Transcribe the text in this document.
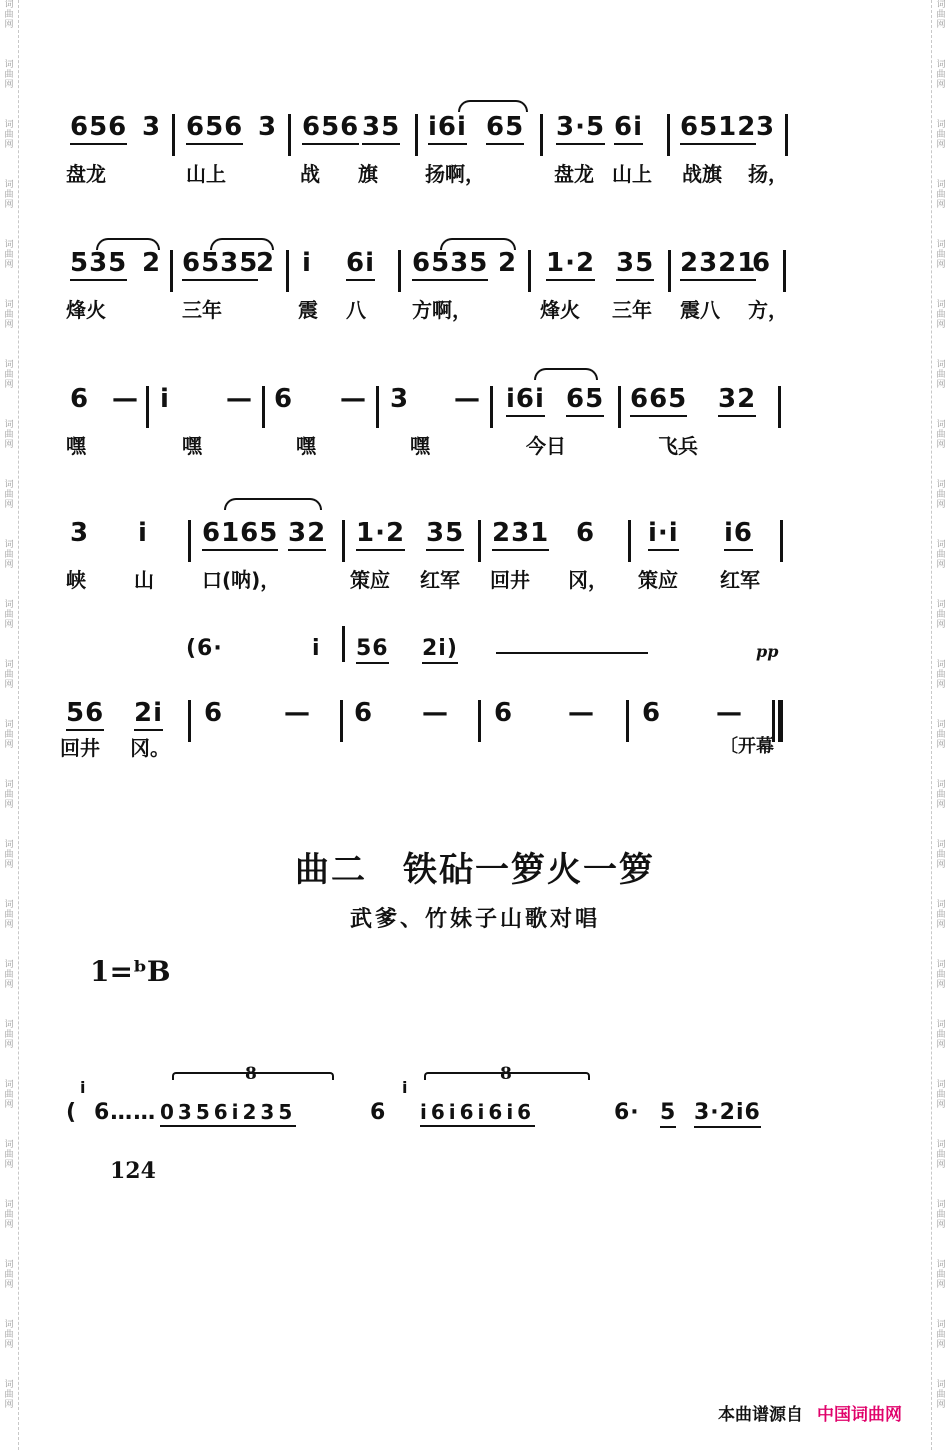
词曲网
词曲网
词曲网
词曲网
词曲网
词曲网
词曲网
词曲网
词曲网
词曲网
词曲网
词曲网
词曲网
词曲网
词曲网
词曲网
词曲网
词曲网
词曲网
词曲网
词曲网
词曲网
词曲网
词曲网
词曲网
词曲网
词曲网
词曲网
词曲网
词曲网
词曲网
词曲网
词曲网
词曲网
词曲网
词曲网
词曲网
词曲网
词曲网
词曲网
词曲网
词曲网
词曲网
词曲网
词曲网
词曲网
词曲网
词曲网
656 3 656 3 656 35 i6i 65 3·5 6i 6512 3
盘龙	山上	战 旗 扬啊，	盘龙 山上 战旗 扬，
535 2 6535
2 i 6i 6535 2 1·2 35 2321
6
烽火	三年	震 八 方啊，	烽火 三年 震八 方，
6 — i — 6 — 3 — i6i 65 665 32
嘿	嘿	嘿	嘿	今日	飞兵
3 i 6165 32 1·2 35 231 6 i·i i6
峡 山 口(呐)，	策应 红军 回井 冈， 策应 红军
(6·	i 56 2i)	pp
56 2i 6 — 6 — 6 — 6 —
回井 冈。	〔开幕
曲二　铁砧一箩火一箩
武爹、竹妹子山歌对唱
1=ᵇB
8	8
(
i
6…… 0356i235	6
i
i6i6i6i6	6· 5 3·2i6
124
本曲谱源自 中国词曲网
